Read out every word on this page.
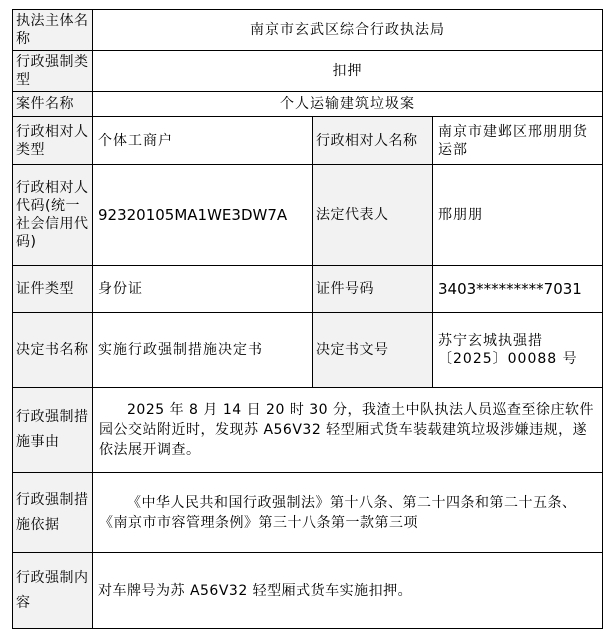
执法主体名称	南京市玄武区综合行政执法局		
行政强制类型	扣押		
案件名称	个人运输建筑垃圾案		
行政相对人类型	个体工商户	行政相对人名称	南京市建邺区邢朋朋货运部
行政相对人代码(统一社会信用代码)	92320105MA1WE3DW7A	法定代表人	邢朋朋
证件类型	身份证	证件号码	3403*********7031
决定书名称	实施行政强制措施决定书	决定书文号	苏宁玄城执强措〔2025〕00088 号
行政强制措施事由	2025 年 8 月 14 日 20 时 30 分，我渣土中队执法人员巡查至徐庄软件园公交站附近时，发现苏 A56V32 轻型厢式货车装载建筑垃圾涉嫌违规，遂依法展开调查。		
行政强制措施依据	《中华人民共和国行政强制法》第十八条、第二十四条和第二十五条、《南京市市容管理条例》第三十八条第一款第三项		
行政强制内容	对车牌号为苏 A56V32 轻型厢式货车实施扣押。		
